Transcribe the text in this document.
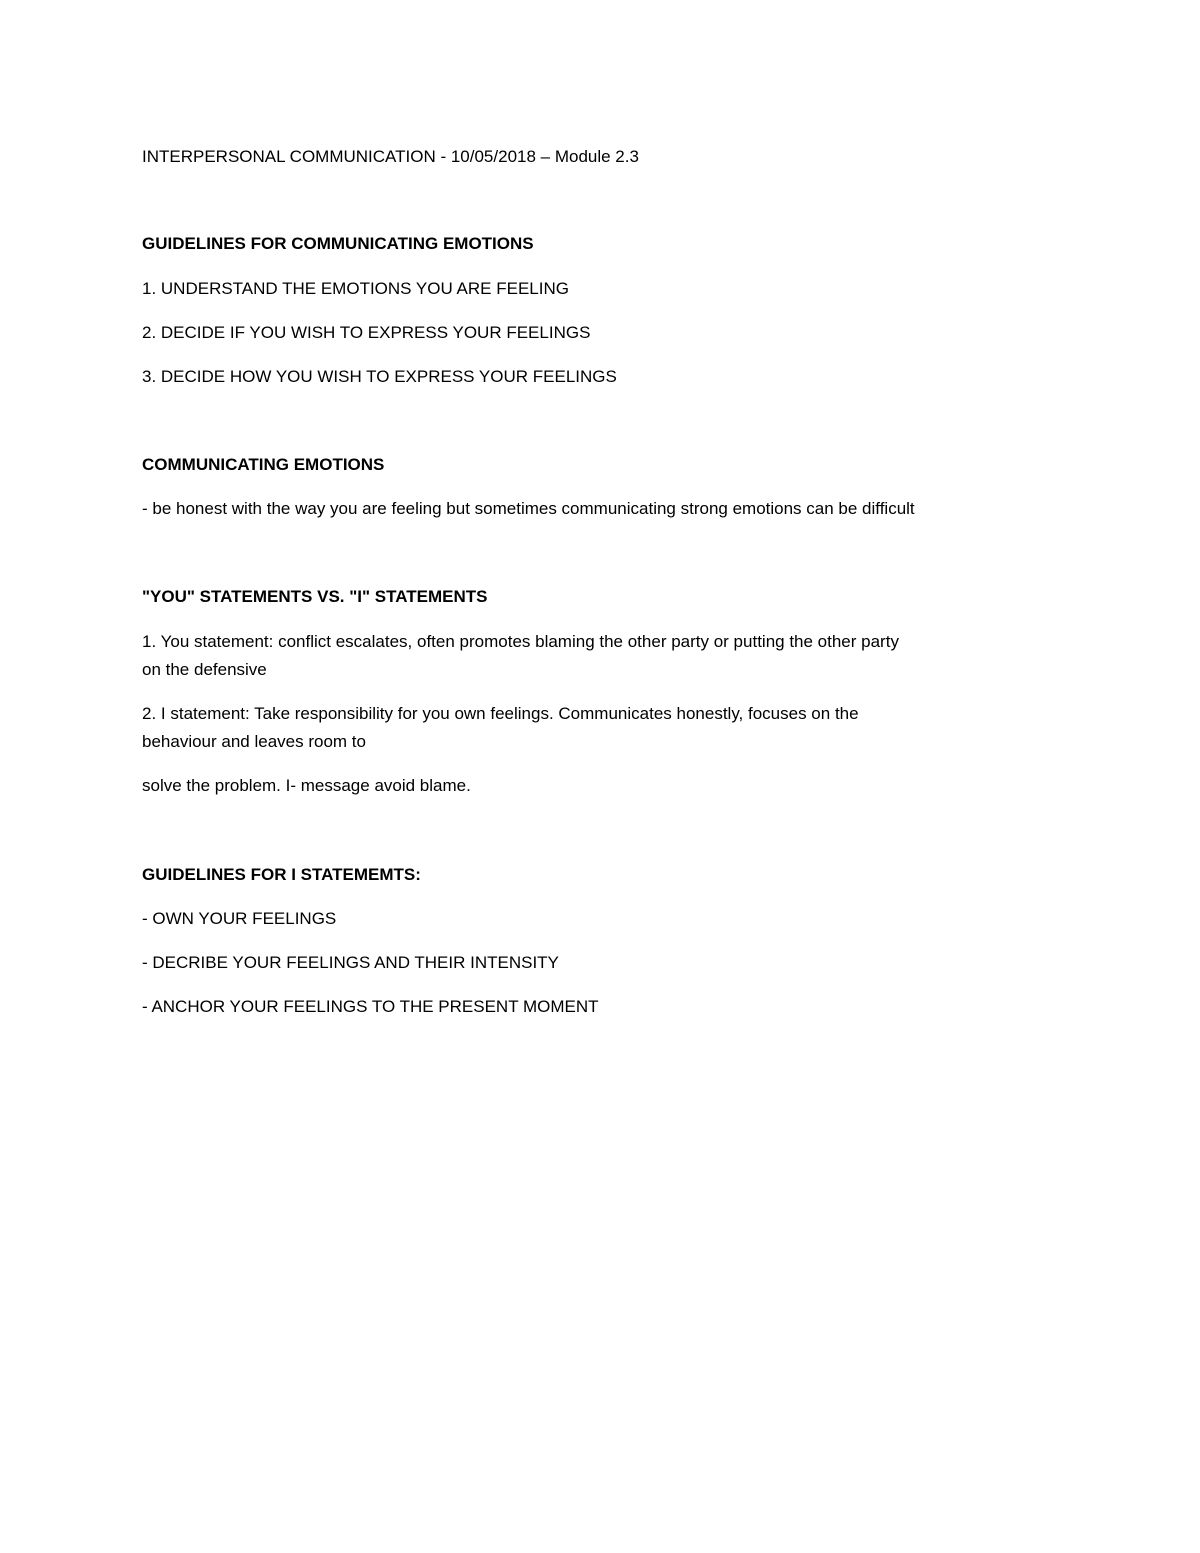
INTERPERSONAL COMMUNICATION - 10/05/2018 – Module 2.3
GUIDELINES FOR COMMUNICATING EMOTIONS
1. UNDERSTAND THE EMOTIONS YOU ARE FEELING
2. DECIDE IF YOU WISH TO EXPRESS YOUR FEELINGS
3. DECIDE HOW YOU WISH TO EXPRESS YOUR FEELINGS
COMMUNICATING EMOTIONS
- be honest with the way you are feeling but sometimes communicating strong emotions can be difficult
"YOU" STATEMENTS VS. "I" STATEMENTS
1. You statement: conflict escalates, often promotes blaming the other party or putting the other party
on the defensive
2. I statement: Take responsibility for you own feelings. Communicates honestly, focuses on the
behaviour and leaves room to
solve the problem. I- message avoid blame.
GUIDELINES FOR I STATEMEMTS:
- OWN YOUR FEELINGS
- DECRIBE YOUR FEELINGS AND THEIR INTENSITY
- ANCHOR YOUR FEELINGS TO THE PRESENT MOMENT
